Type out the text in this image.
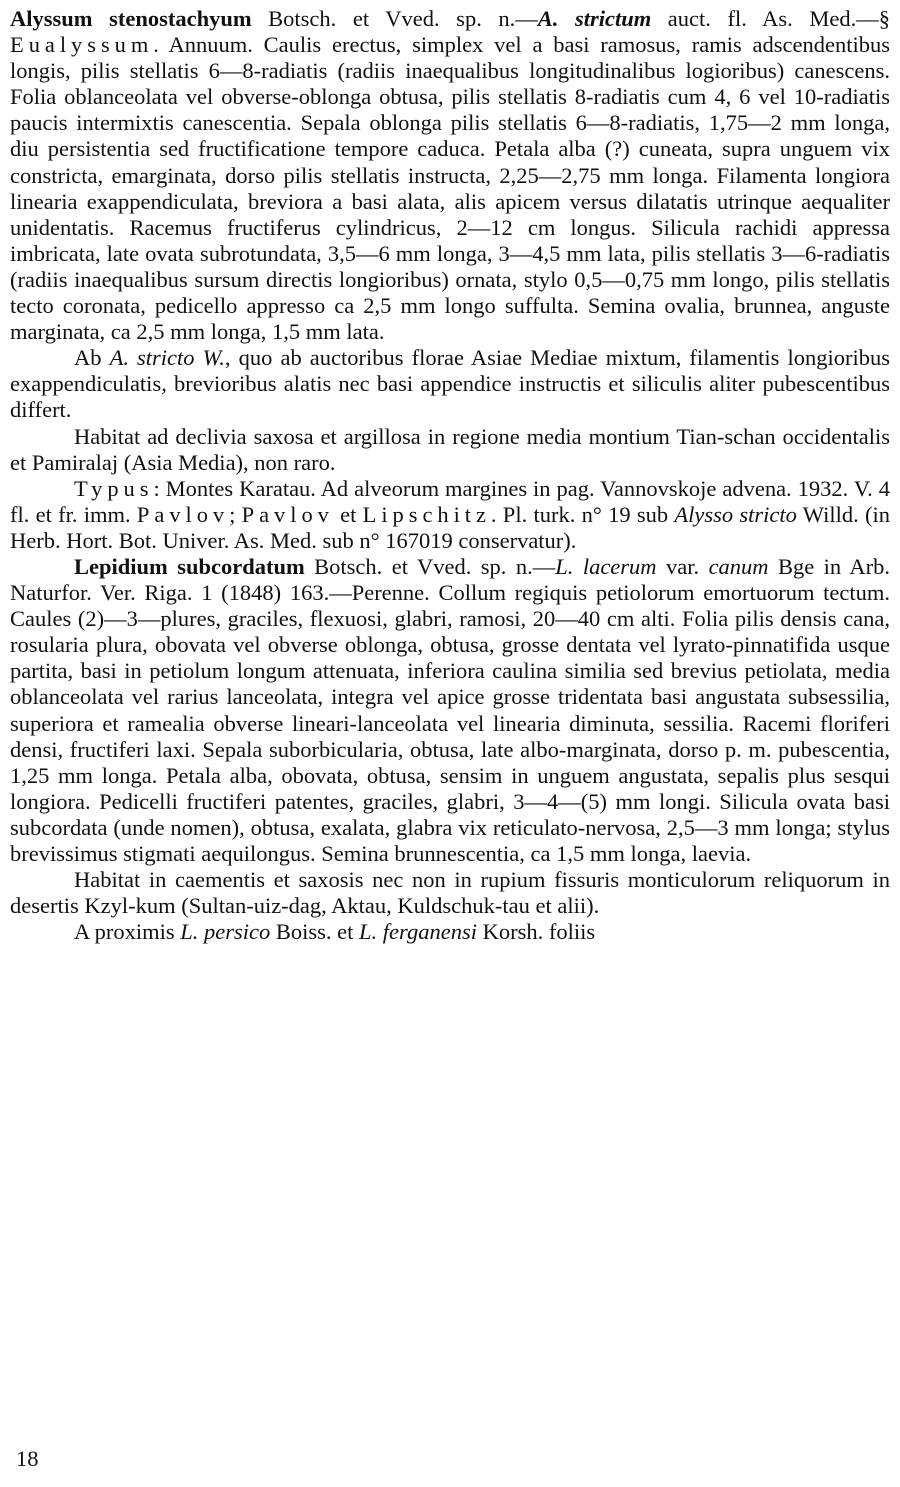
Alyssum stenostachyum Botsch. et Vved. sp. n.—A. strictum auct. fl. As. Med.—§ Eualyssum. Annuum. Caulis erectus, simplex vel a basi ramosus, ramis adscendentibus longis, pilis stellatis 6—8-radiatis (radiis inaequalibus longitudinalibus logioribus) canescens. Folia oblanceolata vel obverse-oblonga obtusa, pilis stellatis 8-radiatis cum 4, 6 vel 10-radiatis paucis intermixtis canescentia. Sepala oblonga pilis stellatis 6—8-radiatis, 1,75—2 mm longa, diu persistentia sed fructificatione tempore caduca. Petala alba (?) cuneata, supra unguem vix constricta, emarginata, dorso pilis stellatis instructa, 2,25—2,75 mm longa. Filamenta longiora linearia exappendiculata, breviora a basi alata, alis apicem versus dilatatis utrinque aequaliter unidentatis. Racemus fructiferus cylindricus, 2—12 cm longus. Silicula rachidi appressa imbricata, late ovata subrotundata, 3,5—6 mm longa, 3—4,5 mm lata, pilis stellatis 3—6-radiatis (radiis inaequalibus sursum directis longioribus) ornata, stylo 0,5—0,75 mm longo, pilis stellatis tecto coronata, pedicello appresso ca 2,5 mm longo suffulta. Semina ovalia, brunnea, anguste marginata, ca 2,5 mm longa, 1,5 mm lata.

Ab A. stricto W., quo ab auctoribus florae Asiae Mediae mixtum, filamentis longioribus exappendiculatis, brevioribus alatis nec basi appendice instructis et siliculis aliter pubescentibus differt.

Habitat ad declivia saxosa et argillosa in regione media montium Tian-schan occidentalis et Pamiralaj (Asia Media), non raro.

Typus: Montes Karatau. Ad alveorum margines in pag. Vannovskoje advena. 1932. V. 4 fl. et fr. imm. Pavlov; Pavlov et Lipschitz. Pl. turk. n° 19 sub Alysso stricto Willd. (in Herb. Hort. Bot. Univer. As. Med. sub n° 167019 conservatur).

Lepidium subcordatum Botsch. et Vved. sp. n.—L. lacerum var. canum Bge in Arb. Naturfor. Ver. Riga. 1 (1848) 163.—Perenne. Collum regiquis petiolorum emortuorum tectum. Caules (2)—3—plures, graciles, flexuosi, glabri, ramosi, 20—40 cm alti. Folia pilis densis cana, rosularia plura, obovata vel obverse oblonga, obtusa, grosse dentata vel lyrato-pinnatifida usque partita, basi in petiolum longum attenuata, inferiora caulina similia sed brevius petiolata, media oblanceolata vel rarius lanceolata, integra vel apice grosse tridentata basi angustata subsessilia, superiora et ramealia obverse lineari-lanceolata vel linearia diminuta, sessilia. Racemi floriferi densi, fructiferi laxi. Sepala suborbicularia, obtusa, late albo-marginata, dorso p. m. pubescentia, 1,25 mm longa. Petala alba, obovata, obtusa, sensim in unguem angustata, sepalis plus sesqui longiora. Pedicelli fructiferi patentes, graciles, glabri, 3—4—(5) mm longi. Silicula ovata basi subcordata (unde nomen), obtusa, exalata, glabra vix reticulato-nervosa, 2,5—3 mm longa; stylus brevissimus stigmati aequilongus. Semina brunnescentia, ca 1,5 mm longa, laevia.

Habitat in caementis et saxosis nec non in rupium fissuris monticulorum reliquorum in desertis Kzyl-kum (Sultan-uiz-dag, Aktau, Kuldschuk-tau et alii).

A proximis L. persico Boiss. et L. ferganensi Korsh. foliis

18
